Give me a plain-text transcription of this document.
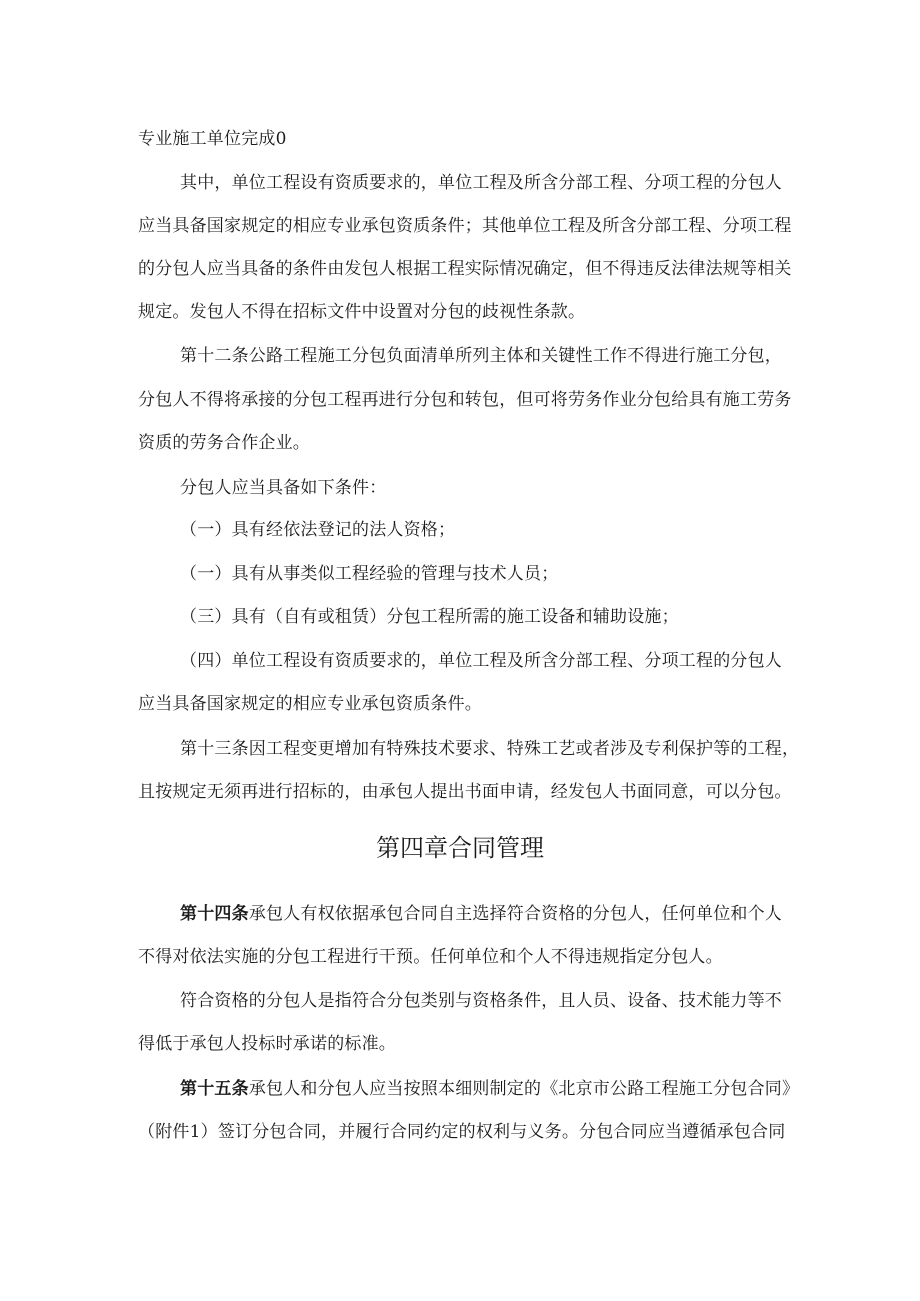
专业施工单位完成0
其中，单位工程设有资质要求的，单位工程及所含分部工程、分项工程的分包人
应当具备国家规定的相应专业承包资质条件；其他单位工程及所含分部工程、分项工程
的分包人应当具备的条件由发包人根据工程实际情况确定，但不得违反法律法规等相关
规定。发包人不得在招标文件中设置对分包的歧视性条款。
第十二条公路工程施工分包负面清单所列主体和关键性工作不得进行施工分包，
分包人不得将承接的分包工程再进行分包和转包，但可将劳务作业分包给具有施工劳务
资质的劳务合作企业。
分包人应当具备如下条件：
（一）具有经依法登记的法人资格；
（一）具有从事类似工程经验的管理与技术人员；
（三）具有（自有或租赁）分包工程所需的施工设备和辅助设施；
（四）单位工程设有资质要求的，单位工程及所含分部工程、分项工程的分包人
应当具备国家规定的相应专业承包资质条件。
第十三条因工程变更增加有特殊技术要求、特殊工艺或者涉及专利保护等的工程，
且按规定无须再进行招标的，由承包人提出书面申请，经发包人书面同意，可以分包。
第四章合同管理
第十四条承包人有权依据承包合同自主选择符合资格的分包人，任何单位和个人
不得对依法实施的分包工程进行干预。任何单位和个人不得违规指定分包人。
符合资格的分包人是指符合分包类别与资格条件，且人员、设备、技术能力等不
得低于承包人投标时承诺的标准。
第十五条承包人和分包人应当按照本细则制定的《北京市公路工程施工分包合同》
（附件1）签订分包合同，并履行合同约定的权利与义务。分包合同应当遵循承包合同
